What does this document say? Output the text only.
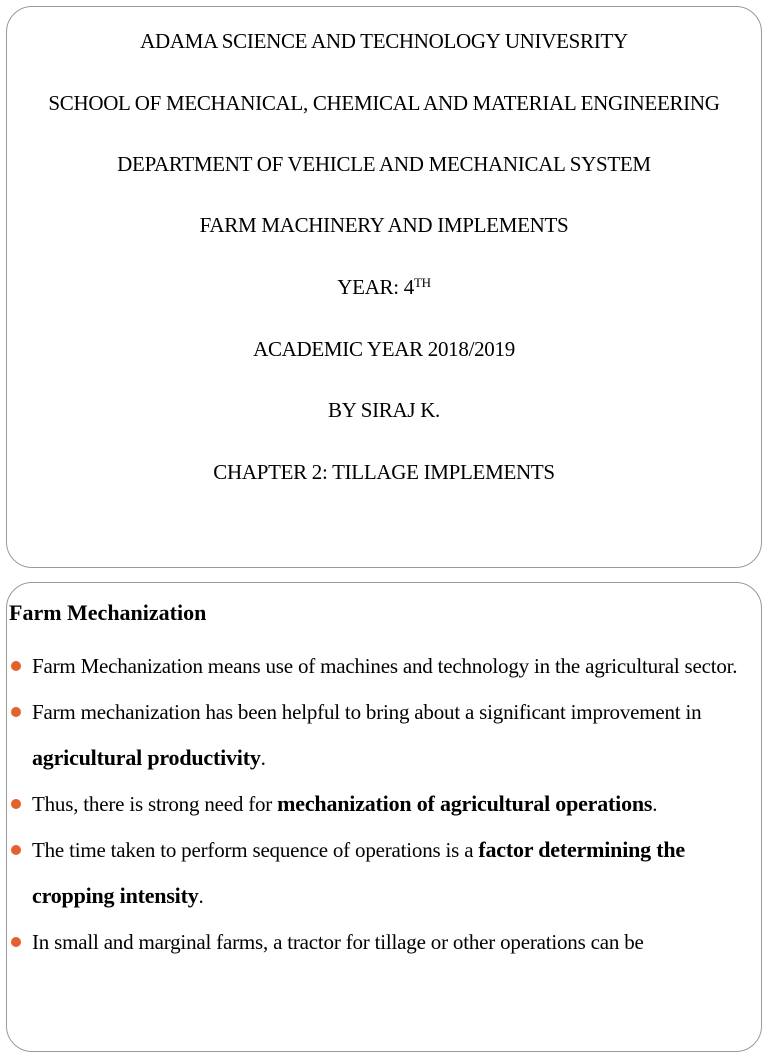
ADAMA SCIENCE AND TECHNOLOGY UNIVESRITY
SCHOOL OF MECHANICAL, CHEMICAL AND MATERIAL ENGINEERING
DEPARTMENT OF VEHICLE AND MECHANICAL SYSTEM
FARM MACHINERY AND IMPLEMENTS
YEAR: 4TH
ACADEMIC YEAR 2018/2019
BY SIRAJ K.
CHAPTER 2: TILLAGE IMPLEMENTS
Farm Mechanization
Farm Mechanization means use of machines and technology in the agricultural sector.
Farm mechanization has been helpful to bring about a significant improvement in agricultural productivity.
Thus, there is strong need for mechanization of agricultural operations.
The time taken to perform sequence of operations is a factor determining the cropping intensity.
In small and marginal farms, a tractor for tillage or other operations can be
